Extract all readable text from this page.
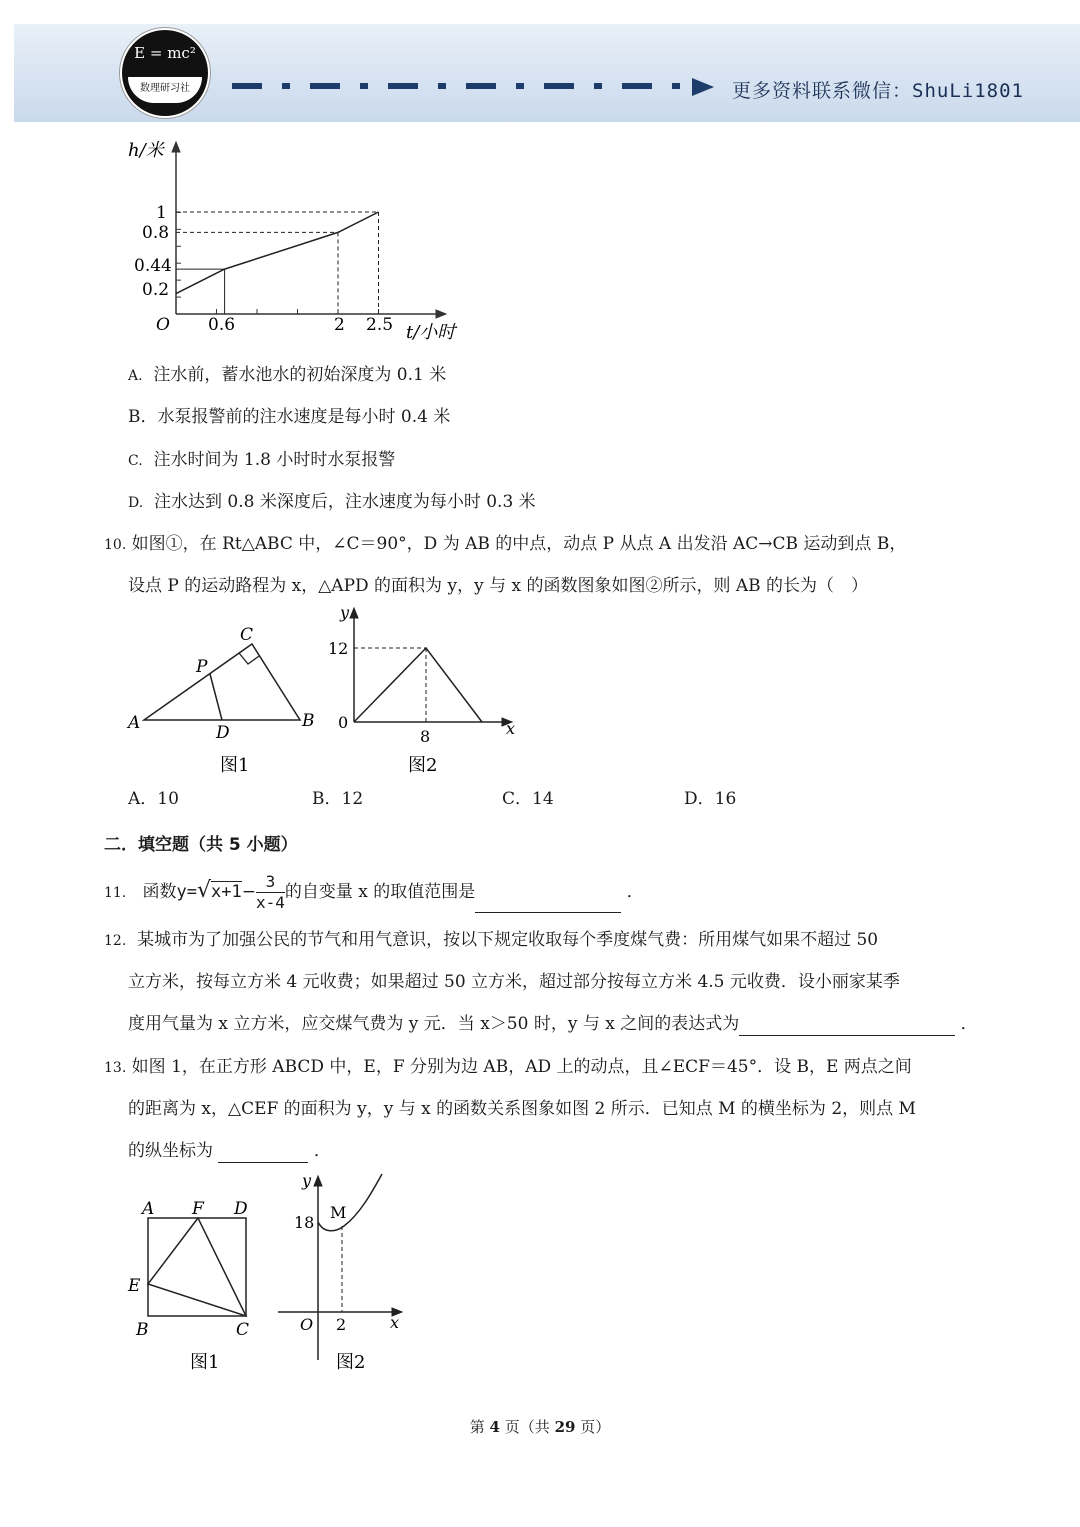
E = mc²
数理研习社	更多资料联系微信：ShuLi1801
h/米
t/小时
O
1
0.8
0.44
0.2
0.6	2 2.5
A. 注水前，蓄水池水的初始深度为 0.1 米
B．水泵报警前的注水速度是每小时 0.4 米
C. 注水时间为 1.8 小时时水泵报警
D. 注水达到 0.8 米深度后，注水速度为每小时 0.3 米
10. 如图①，在 Rt△ABC 中，∠C＝90°，D 为 AB 的中点，动点 P 从点 A 出发沿 AC→CB 运动到点 B，
设点 P 的运动路程为 x，△APD 的面积为 y，y 与 x 的函数图象如图②所示，则 AB 的长为（　）
A	B
C
D
P
图1
y
x
0
12
8
图2
A．10	B．12	C．14	D．16
二．填空题（共 5 小题）
11. 函数$y=√x+1- \frac{3}{x-4}$ 的自变量 x 的取值范围是	．
12. 某城市为了加强公民的节气和用气意识，按以下规定收取每个季度煤气费：所用煤气如果不超过 50
立方米，按每立方米 4 元收费；如果超过 50 立方米，超过部分按每立方米 4.5 元收费．设小丽家某季
度用气量为 x 立方米，应交煤气费为 y 元．当 x＞50 时，y 与 x 之间的表达式为	．
13. 如图 1，在正方形 ABCD 中，E，F 分别为边 AB，AD 上的动点，且∠ECF＝45°．设 B，E 两点之间
的距离为 x，△CEF 的面积为 y，y 与 x 的函数关系图象如图 2 所示．已知点 M 的横坐标为 2，则点 M
的纵坐标为	．
A F D
E
B	C
图1
y
x
O
18
2
M
图2
第 4 页（共 29 页）
